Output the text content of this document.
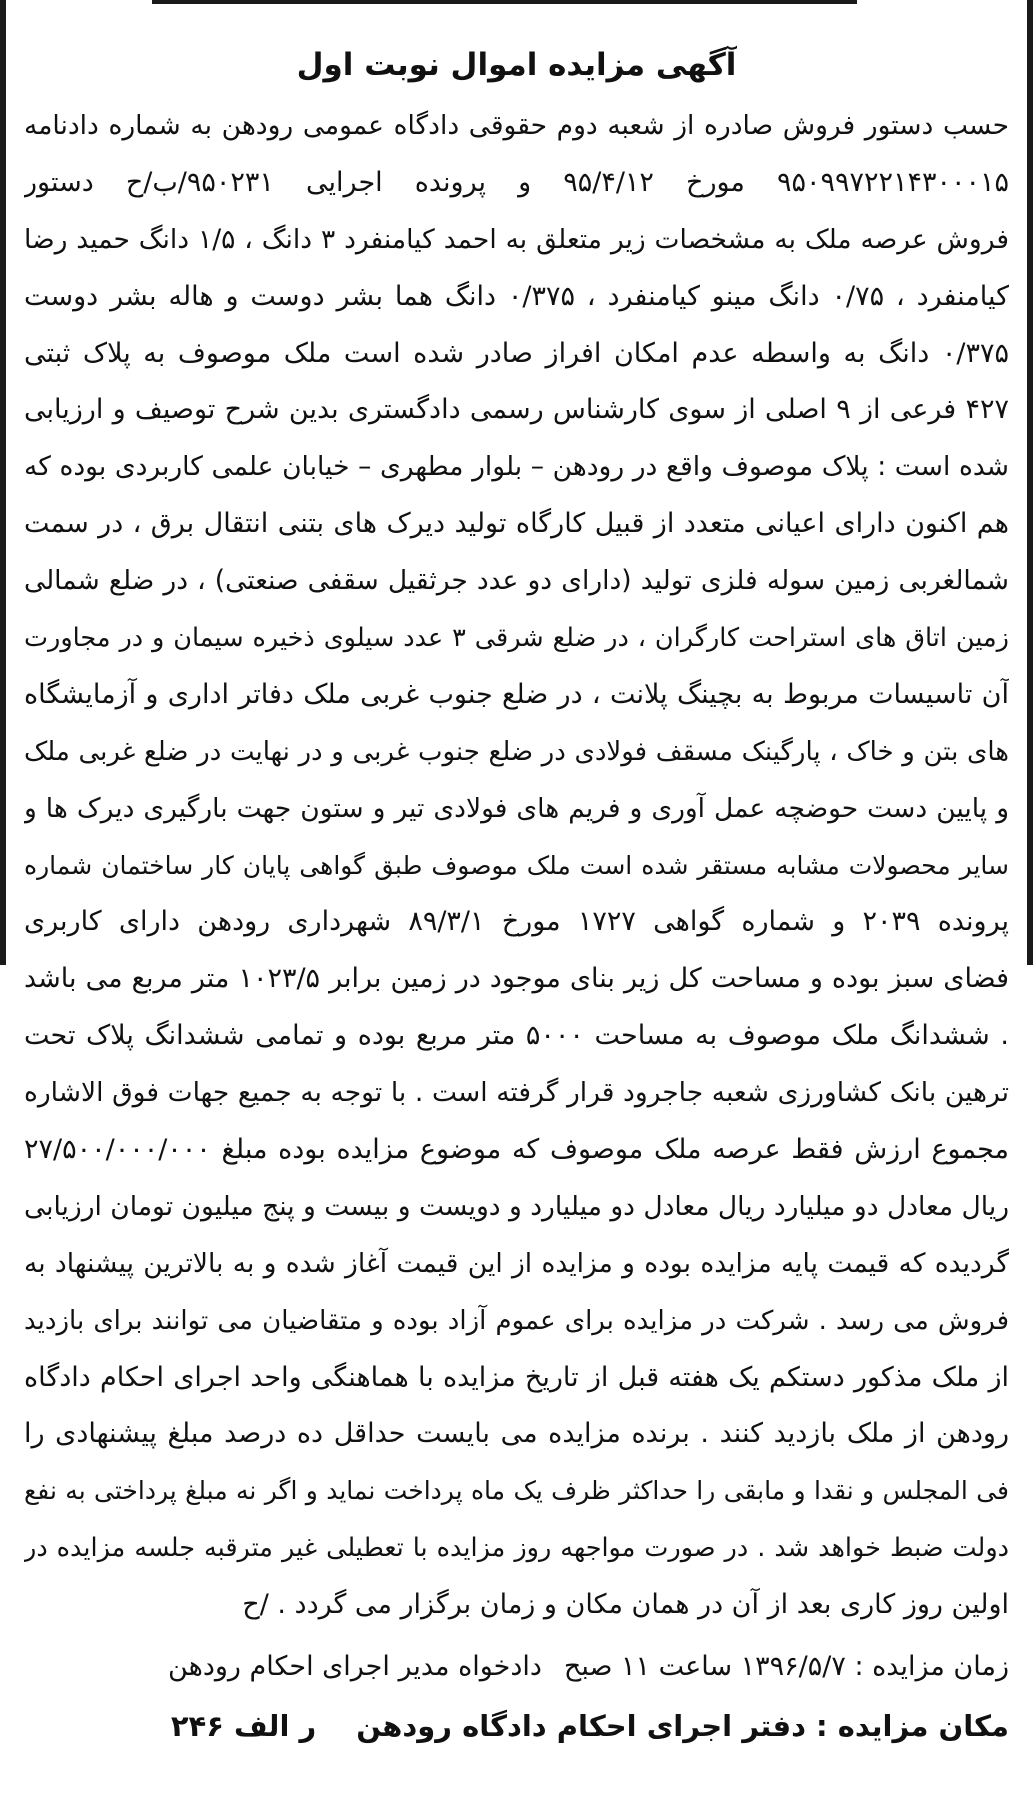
آگهی مزایده اموال نوبت اول
حسب دستور فروش صادره از شعبه دوم حقوقی دادگاه عمومی رودهن به شماره دادنامه
۹۵۰۹۹۷۲۲۱۴۳۰۰۰۱۵ مورخ ۹۵/۴/۱۲ و پرونده اجرایی ۹۵۰۲۳۱/ب/ح دستور
فروش عرصه ملک به مشخصات زیر متعلق به احمد کیامنفرد ۳ دانگ ، ۱/۵ دانگ حمید رضا
کیامنفرد ، ۰/۷۵ دانگ مینو کیامنفرد ، ۰/۳۷۵ دانگ هما بشر دوست و هاله بشر دوست
۰/۳۷۵ دانگ به واسطه عدم امکان افراز صادر شده است ملک موصوف به پلاک ثبتی
۴۲۷ فرعی از ۹ اصلی از سوی کارشناس رسمی دادگستری بدین شرح توصیف و ارزیابی
شده است : پلاک موصوف واقع در رودهن – بلوار مطهری – خیابان علمی کاربردی بوده که
هم اکنون دارای اعیانی متعدد از قبیل کارگاه تولید دیرک های بتنی انتقال برق ، در سمت
شمالغربی زمین سوله فلزی تولید (دارای دو عدد جرثقیل سقفی صنعتی) ، در ضلع شمالی
زمین اتاق های استراحت کارگران ، در ضلع شرقی ۳ عدد سیلوی ذخیره سیمان و در مجاورت
آن تاسیسات مربوط به بچینگ پلانت ، در ضلع جنوب غربی ملک دفاتر اداری و آزمایشگاه
های بتن و خاک ، پارگینک مسقف فولادی در ضلع جنوب غربی و در نهایت در ضلع غربی ملک
و پایین دست حوضچه عمل آوری و فریم های فولادی تیر و ستون جهت بارگیری دیرک ها و
سایر محصولات مشابه مستقر شده است ملک موصوف طبق گواهی پایان کار ساختمان شماره
پرونده ۲۰۳۹ و شماره گواهی ۱۷۲۷ مورخ ۸۹/۳/۱ شهرداری رودهن دارای کاربری
فضای سبز بوده و مساحت کل زیر بنای موجود در زمین برابر ۱۰۲۳/۵ متر مربع می باشد
. ششدانگ ملک موصوف به مساحت ۵۰۰۰ متر مربع بوده و تمامی ششدانگ پلاک تحت
ترهین بانک کشاورزی شعبه جاجرود قرار گرفته است . با توجه به جمیع جهات فوق الاشاره
مجموع ارزش فقط عرصه ملک موصوف که موضوع مزایده بوده مبلغ ۲۷/۵۰۰/۰۰۰/۰۰۰
ریال معادل دو میلیارد ریال معادل دو میلیارد و دویست و بیست و پنج میلیون تومان ارزیابی
گردیده که قیمت پایه مزایده بوده و مزایده از این قیمت آغاز شده و به بالاترین پیشنهاد به
فروش می رسد . شرکت در مزایده برای عموم آزاد بوده و متقاضیان می توانند برای بازدید
از ملک مذکور دستکم یک هفته قبل از تاریخ مزایده با هماهنگی واحد اجرای احکام دادگاه
رودهن از ملک بازدید کنند . برنده مزایده می بایست حداقل ده درصد مبلغ پیشنهادی را
فی المجلس و نقدا و مابقی را حداکثر ظرف یک ماه پرداخت نماید و اگر نه مبلغ پرداختی به نفع
دولت ضبط خواهد شد . در صورت مواجهه روز مزایده با تعطیلی غیر مترقبه جلسه مزایده در
اولین روز کاری بعد از آن در همان مکان و زمان برگزار می گردد . /ح
زمان مزایده : ۱۳۹۶/۵/۷ ساعت ۱۱ صبحدادخواه مدیر اجرای احکام رودهن
مکان مزایده : دفتر اجرای احکام دادگاه رودهنر الف ۲۴۶
